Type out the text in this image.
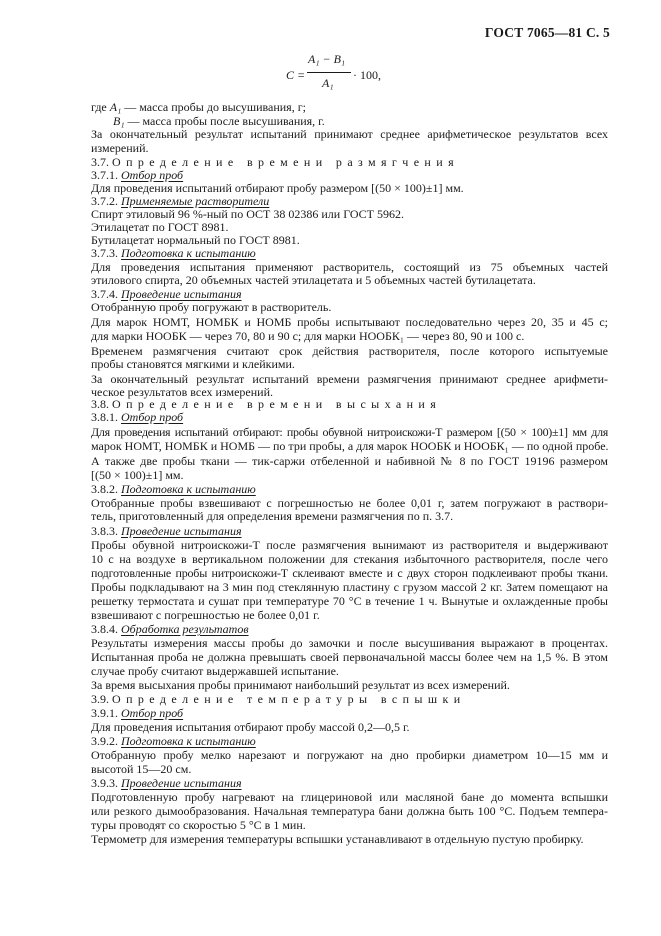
ГОСТ 7065—81 С. 5
C =
A₁ − B₁
A₁
· 100,
где A₁ — масса пробы до высушивания, г;
B₁ — масса пробы после высушивания, г.
За окончательный результат испытаний принимают среднее арифметическое результатов всех
измерений.
3.7. Определение времени размягчения
3.7.1. Отбор проб
Для проведения испытаний отбирают пробу размером [(50 × 100)±1] мм.
3.7.2. Применяемые растворители
Спирт этиловый 96 %-ный по ОСТ 38 02386 или ГОСТ 5962.
Этилацетат по ГОСТ 8981.
Бутилацетат нормальный по ГОСТ 8981.
3.7.3. Подготовка к испытанию
Для проведения испытания применяют растворитель, состоящий из 75 объемных частей
этилового спирта, 20 объемных частей этилацетата и 5 объемных частей бутилацетата.
3.7.4. Проведение испытания
Отобранную пробу погружают в растворитель.
Для марок НОМТ, НОМБК и НОМБ пробы испытывают последовательно через 20, 35 и 45 с;
для марки НООБК — через 70, 80 и 90 с; для марки НООБК₁ — через 80, 90 и 100 с.
Временем размягчения считают срок действия растворителя, после которого испытуемые
пробы становятся мягкими и клейкими.
За окончательный результат испытаний времени размягчения принимают среднее арифмети-
ческое результатов всех измерений.
3.8. Определение времени высыхания
3.8.1. Отбор проб
Для проведения испытаний отбирают: пробы обувной нитроискожи-Т размером [(50 × 100)±1] мм для
марок НОМТ, НОМБК и НОМБ — по три пробы, а для марок НООБК и НООБК₁ — по одной пробе.
А также две пробы ткани — тик-саржи отбеленной и набивной № 8 по ГОСТ 19196 размером
[(50 × 100)±1] мм.
3.8.2. Подготовка к испытанию
Отобранные пробы взвешивают с погрешностью не более 0,01 г, затем погружают в раствори-
тель, приготовленный для определения времени размягчения по п. 3.7.
3.8.3. Проведение испытания
Пробы обувной нитроискожи-Т после размягчения вынимают из растворителя и выдерживают
10 с на воздухе в вертикальном положении для стекания избыточного растворителя, после чего
подготовленные пробы нитроискожи-Т склеивают вместе и с двух сторон подклеивают пробы ткани.
Пробы подкладывают на 3 мин под стеклянную пластину с грузом массой 2 кг. Затем помещают на
решетку термостата и сушат при температуре 70 °С в течение 1 ч. Вынутые и охлажденные пробы
взвешивают с погрешностью не более 0,01 г.
3.8.4. Обработка результатов
Результаты измерения массы пробы до замочки и после высушивания выражают в процентах.
Испытанная проба не должна превышать своей первоначальной массы более чем на 1,5 %. В этом
случае пробу считают выдержавшей испытание.
За время высыхания пробы принимают наибольший результат из всех измерений.
3.9. Определение температуры вспышки
3.9.1. Отбор проб
Для проведения испытания отбирают пробу массой 0,2—0,5 г.
3.9.2. Подготовка к испытанию
Отобранную пробу мелко нарезают и погружают на дно пробирки диаметром 10—15 мм и
высотой 15—20 см.
3.9.3. Проведение испытания
Подготовленную пробу нагревают на глицериновой или масляной бане до момента вспышки
или резкого дымообразования. Начальная температура бани должна быть 100 °С. Подъем темпера-
туры проводят со скоростью 5 °С в 1 мин.
Термометр для измерения температуры вспышки устанавливают в отдельную пустую пробирку.
